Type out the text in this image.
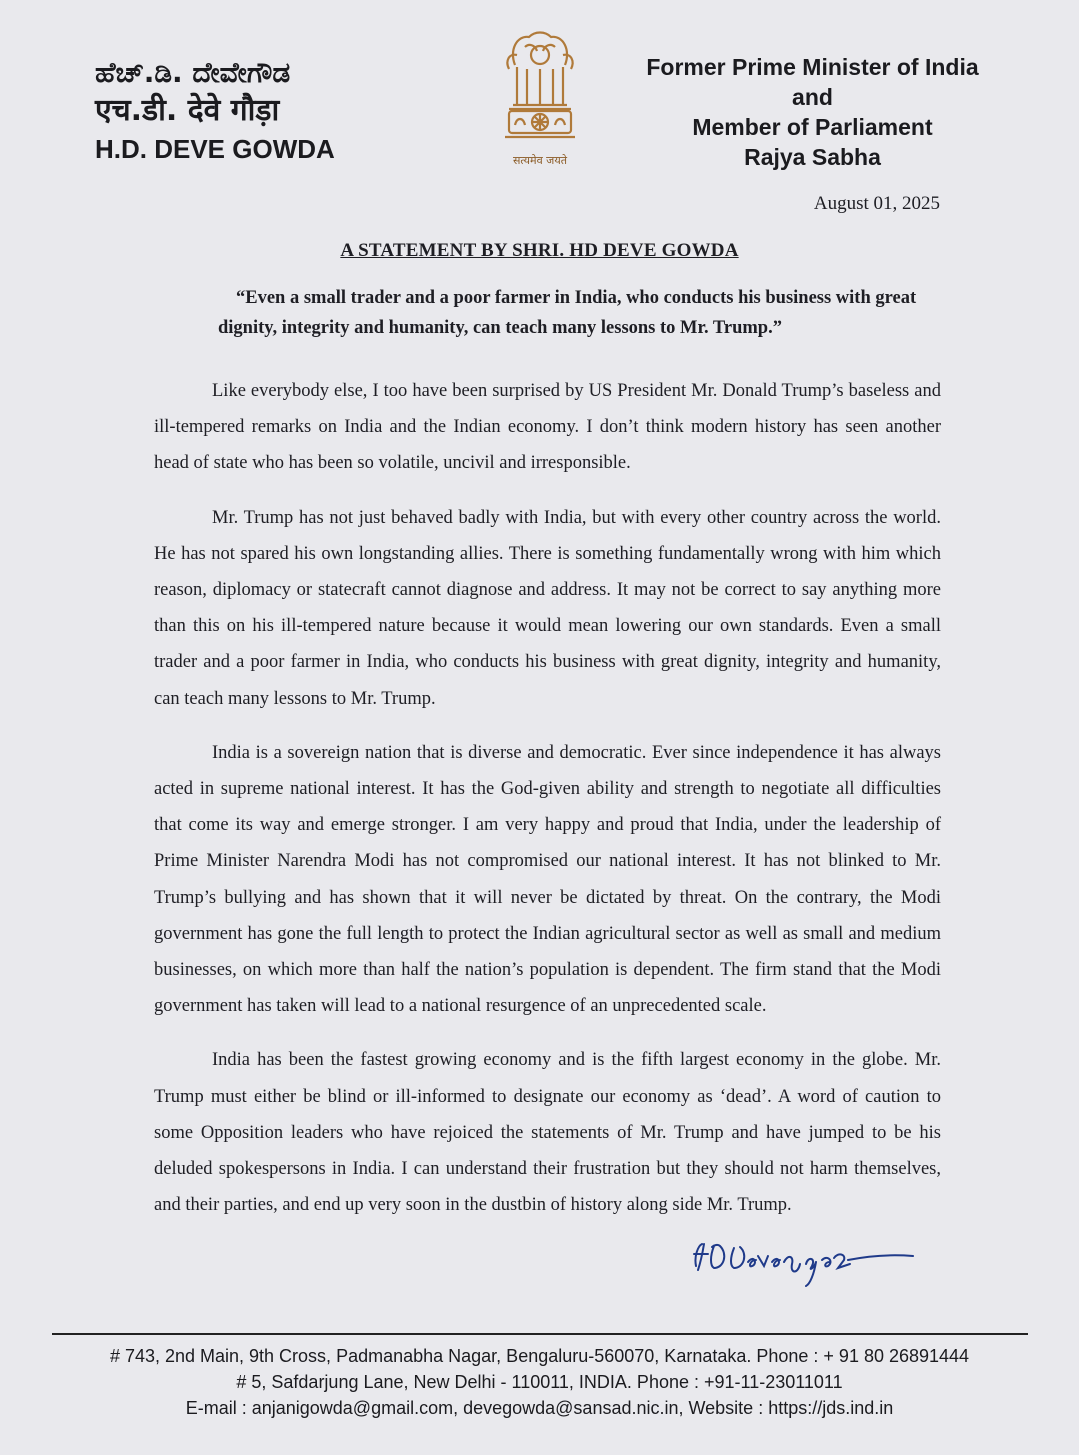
ಹೆಚ್.ಡಿ. ದೇವೇಗೌಡ
एच.डी. देवे गौड़ा
H.D. DEVE GOWDA	सत्यमेव जयते
Former Prime Minister of India
and
Member of Parliament
Rajya Sabha
August 01, 2025
A STATEMENT BY SHRI. HD DEVE GOWDA
“Even a small trader and a poor farmer in India, who conducts his business with great dignity, integrity and humanity, can teach many lessons to Mr. Trump.”

Like everybody else, I too have been surprised by US President Mr. Donald Trump’s baseless and ill-tempered remarks on India and the Indian economy. I don’t think modern history has seen another head of state who has been so volatile, uncivil and irresponsible.

Mr. Trump has not just behaved badly with India, but with every other country across the world. He has not spared his own longstanding allies. There is something fundamentally wrong with him which reason, diplomacy or statecraft cannot diagnose and address. It may not be correct to say anything more than this on his ill-tempered nature because it would mean lowering our own standards. Even a small trader and a poor farmer in India, who conducts his business with great dignity, integrity and humanity, can teach many lessons to Mr. Trump.

India is a sovereign nation that is diverse and democratic. Ever since independence it has always acted in supreme national interest. It has the God-given ability and strength to negotiate all difficulties that come its way and emerge stronger. I am very happy and proud that India, under the leadership of Prime Minister Narendra Modi has not compromised our national interest. It has not blinked to Mr. Trump’s bullying and has shown that it will never be dictated by threat. On the contrary, the Modi government has gone the full length to protect the Indian agricultural sector as well as small and medium businesses, on which more than half the nation’s population is dependent. The firm stand that the Modi government has taken will lead to a national resurgence of an unprecedented scale.

India has been the fastest growing economy and is the fifth largest economy in the globe. Mr. Trump must either be blind or ill-informed to designate our economy as ‘dead’. A word of caution to some Opposition leaders who have rejoiced the statements of Mr. Trump and have jumped to be his deluded spokespersons in India. I can understand their frustration but they should not harm themselves, and their parties, and end up very soon in the dustbin of history along side Mr. Trump.

# 743, 2nd Main, 9th Cross, Padmanabha Nagar, Bengaluru-560070, Karnataka. Phone : + 91 80 26891444
# 5, Safdarjung Lane, New Delhi - 110011, INDIA. Phone : +91-11-23011011
E-mail : anjanigowda@gmail.com, devegowda@sansad.nic.in, Website : https://jds.ind.in
